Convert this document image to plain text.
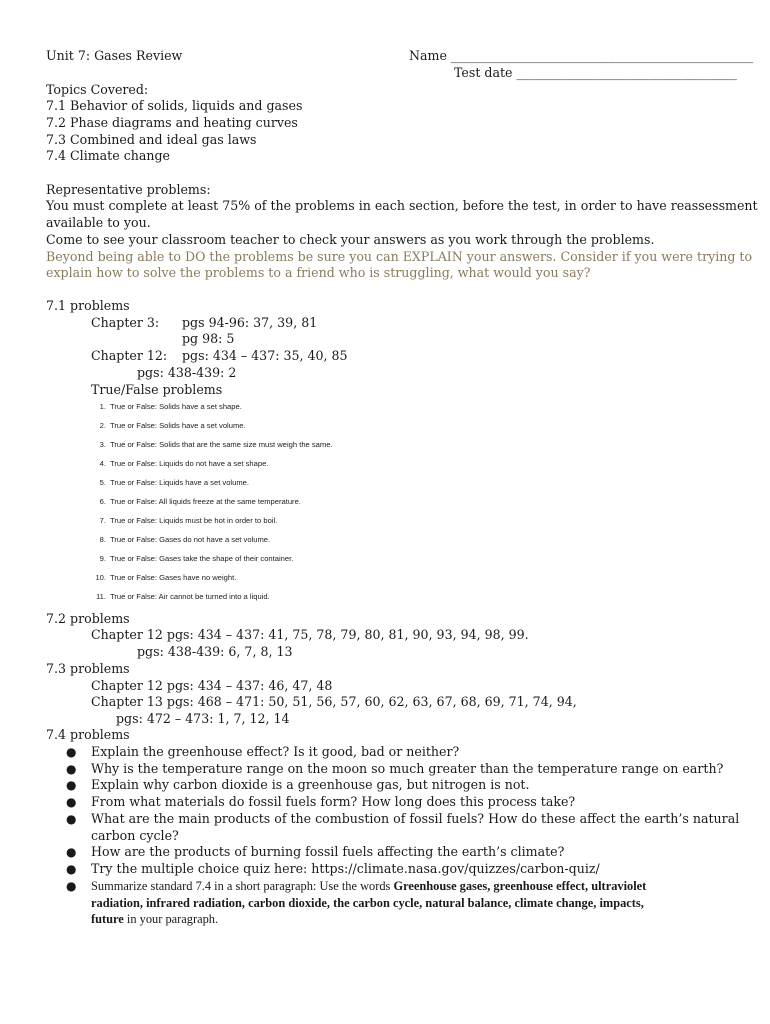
Unit 7: Gases Review	Name ________________________________________________
Test date ___________________________________
Topics Covered:
7.1 Behavior of solids, liquids and gases
7.2 Phase diagrams and heating curves
7.3 Combined and ideal gas laws
7.4 Climate change
Representative problems:
You must complete at least 75% of the problems in each section, before the test, in order to have reassessment
available to you.
Come to see your classroom teacher to check your answers as you work through the problems.
Beyond being able to DO the problems be sure you can EXPLAIN your answers. Consider if you were trying to
explain how to solve the problems to a friend who is struggling, what would you say?
7.1 problems
Chapter 3: pgs 94-96: 37, 39, 81
pg 98: 5
Chapter 12: pgs: 434 – 437: 35, 40, 85
pgs: 438-439: 2
True/False problems
1. True or False: Solids have a set shape.
2. True or False: Solids have a set volume.
3. True or False: Solids that are the same size must weigh the same.
4. True or False: Liquids do not have a set shape.
5. True or False: Liquids have a set volume.
6. True or False: All liquids freeze at the same temperature.
7. True or False: Liquids must be hot in order to boil.
8. True or False: Gases do not have a set volume.
9. True or False: Gases take the shape of their container.
10. True or False: Gases have no weight.
11. True or False: Air cannot be turned into a liquid.
7.2 problems
Chapter 12 pgs: 434 – 437: 41, 75, 78, 79, 80, 81, 90, 93, 94, 98, 99.
pgs: 438-439: 6, 7, 8, 13
7.3 problems
Chapter 12 pgs: 434 – 437: 46, 47, 48
Chapter 13 pgs: 468 – 471: 50, 51, 56, 57, 60, 62, 63, 67, 68, 69, 71, 74, 94,
pgs: 472 – 473: 1, 7, 12, 14
7.4 problems
● Explain the greenhouse effect? Is it good, bad or neither?
● Why is the temperature range on the moon so much greater than the temperature range on earth?
● Explain why carbon dioxide is a greenhouse gas, but nitrogen is not.
● From what materials do fossil fuels form? How long does this process take?
● What are the main products of the combustion of fossil fuels? How do these affect the earth’s natural
carbon cycle?
● How are the products of burning fossil fuels affecting the earth’s climate?
● Try the multiple choice quiz here: https://climate.nasa.gov/quizzes/carbon-quiz/
● Summarize standard 7.4 in a short paragraph: Use the words Greenhouse gases, greenhouse effect, ultraviolet
radiation, infrared radiation, carbon dioxide, the carbon cycle, natural balance, climate change, impacts,
future in your paragraph.
